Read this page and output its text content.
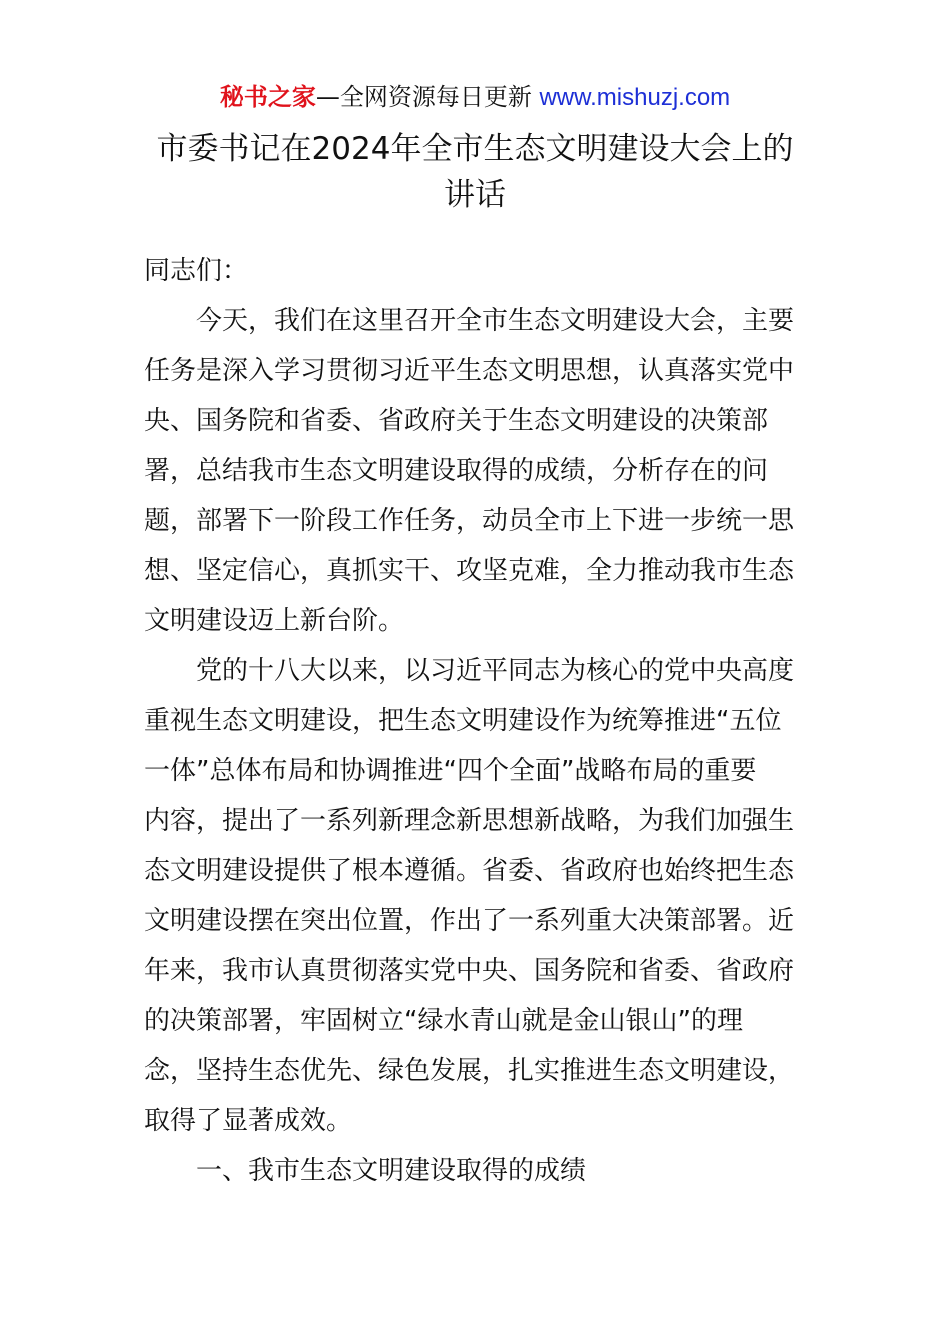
秘书之家—全网资源每日更新 www.mishuzj.com
市委书记在2024年全市生态文明建设大会上的
讲话
同志们：
今天，我们在这里召开全市生态文明建设大会，主要
任务是深入学习贯彻习近平生态文明思想，认真落实党中
央、国务院和省委、省政府关于生态文明建设的决策部
署，总结我市生态文明建设取得的成绩，分析存在的问
题，部署下一阶段工作任务，动员全市上下进一步统一思
想、坚定信心，真抓实干、攻坚克难，全力推动我市生态
文明建设迈上新台阶。
党的十八大以来，以习近平同志为核心的党中央高度
重视生态文明建设，把生态文明建设作为统筹推进“五位
一体”总体布局和协调推进“四个全面”战略布局的重要
内容，提出了一系列新理念新思想新战略，为我们加强生
态文明建设提供了根本遵循。省委、省政府也始终把生态
文明建设摆在突出位置，作出了一系列重大决策部署。近
年来，我市认真贯彻落实党中央、国务院和省委、省政府
的决策部署，牢固树立“绿水青山就是金山银山”的理
念，坚持生态优先、绿色发展，扎实推进生态文明建设，
取得了显著成效。
一、我市生态文明建设取得的成绩
